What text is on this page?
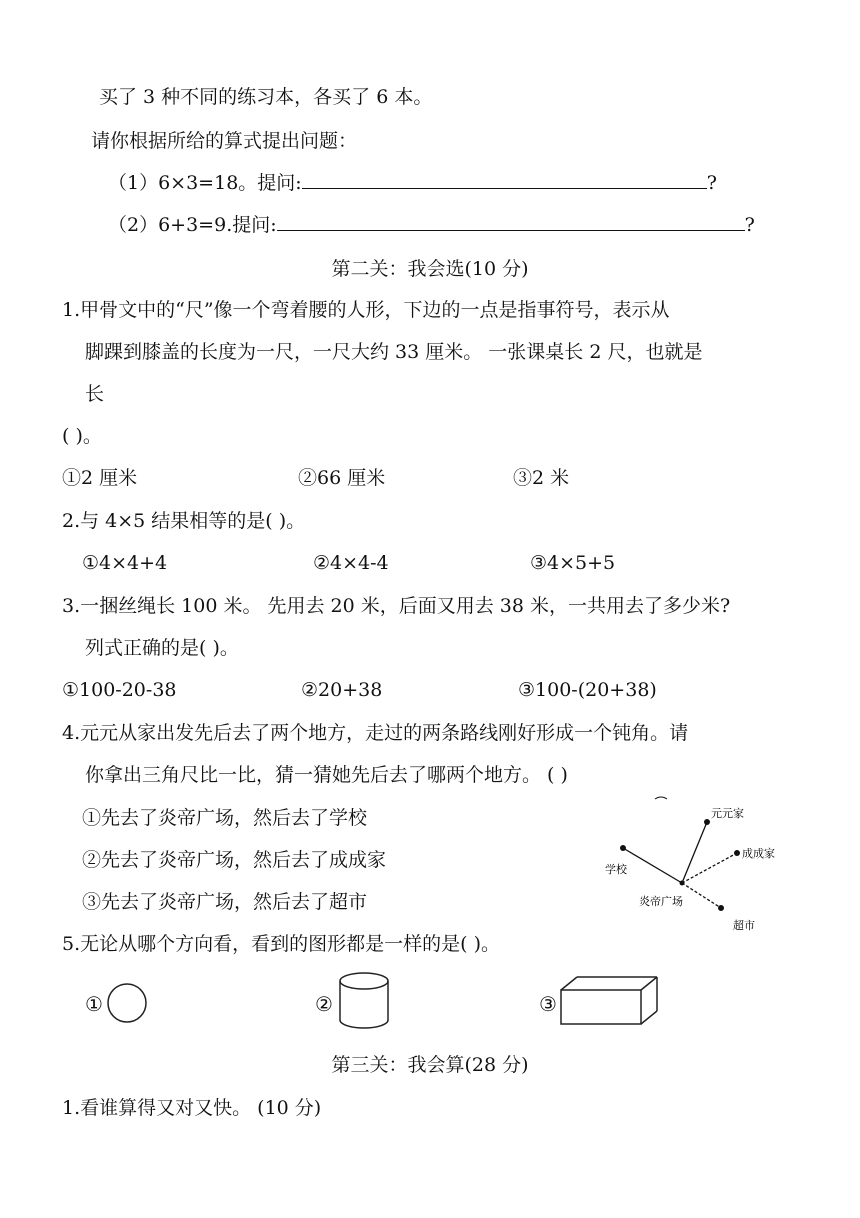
买了 3 种不同的练习本，各买了 6 本。
请你根据所给的算式提出问题：
（1）6×3=18。提问:	?
（2）6+3=9.提问:	?
第二关：我会选(10 分)
1.甲骨文中的“尺”像一个弯着腰的人形，下边的一点是指事符号，表示从
脚踝到膝盖的长度为一尺，一尺大约 33 厘米。 一张课桌长 2 尺，也就是
长
( )。
①2 厘米	②66 厘米	③2 米
2.与 4×5 结果相等的是( )。
①4×4+4	②4×4-4	③4×5+5
3.一捆丝绳长 100 米。 先用去 20 米，后面又用去 38 米，一共用去了多少米?
列式正确的是( )。
①100-20-38	②20+38	③100-(20+38)
4.元元从家出发先后去了两个地方，走过的两条路线刚好形成一个钝角。请
你拿出三角尺比一比，猜一猜她先后去了哪两个地方。 ( )
①先去了炎帝广场，然后去了学校
②先去了炎帝广场，然后去了成成家
③先去了炎帝广场，然后去了超市
元元家
成成家
学校
炎帝广场
超市
5.无论从哪个方向看，看到的图形都是一样的是( )。
①	②	③
第三关：我会算(28 分)
1.看谁算得又对又快。 (10 分)
